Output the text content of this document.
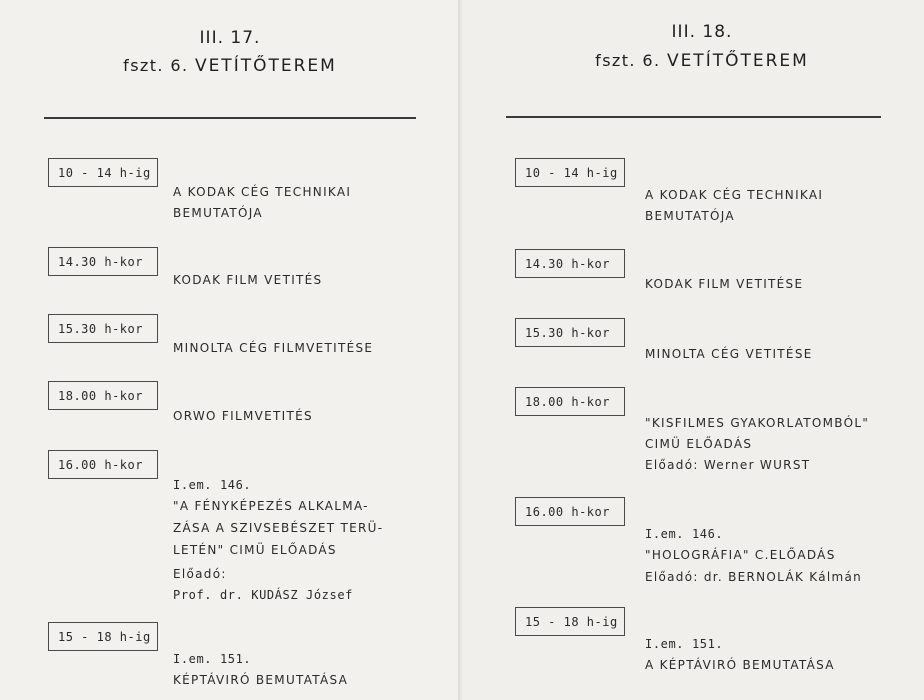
III. 17.
fszt. 6. VETÍTŐTEREM
10 - 14 h-ig
A KODAK CÉG TECHNIKAI
BEMUTATÓJA
14.30 h-kor
KODAK FILM VETITÉS
15.30 h-kor
MINOLTA CÉG FILMVETITÉSE
18.00 h-kor
ORWO FILMVETITÉS
16.00 h-kor
I.em. 146.
"A FÉNYKÉPEZÉS ALKALMA-
ZÁSA A SZIVSEBÉSZET TERÜ-
LETÉN" CIMÜ ELŐADÁS
Előadó:
Prof. dr. KUDÁSZ József
15 - 18 h-ig
I.em. 151.
KÉPTÁVIRÓ BEMUTATÁSA
III. 18.
fszt. 6. VETÍTŐTEREM
10 - 14 h-ig
A KODAK CÉG TECHNIKAI
BEMUTATÓJA
14.30 h-kor
KODAK FILM VETITÉSE
15.30 h-kor
MINOLTA CÉG VETITÉSE
18.00 h-kor
"KISFILMES GYAKORLATOMBÓL"
CIMÜ ELŐADÁS
Előadó: Werner WURST
16.00 h-kor
I.em. 146.
"HOLOGRÁFIA" C.ELŐADÁS
Előadó: dr. BERNOLÁK Kálmán
15 - 18 h-ig
I.em. 151.
A KÉPTÁVIRÓ BEMUTATÁSA
